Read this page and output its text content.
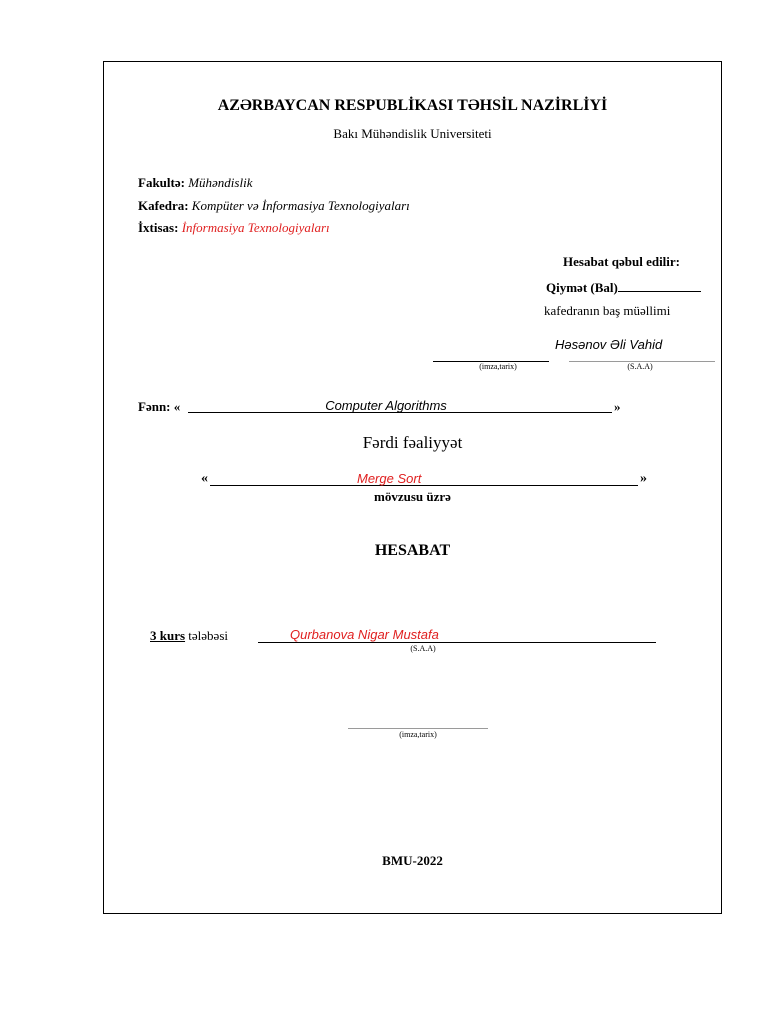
AZƏRBAYCAN RESPUBLİKASI TƏHSİL NAZİRLİYİ
Bakı Mühəndislik Universiteti
Fakultə: Mühəndislik
Kafedra: Kompüter və İnformasiya Texnologiyaları
İxtisas: İnformasiya Texnologiyaları
Hesabat qəbul edilir:
Qiymət (Bal)
kafedranın baş müəllimi
Həsənov Əli Vahid
(imza,tarix)	(S.A.A)
Fənn: «	Computer Algorithms	»
Fərdi fəaliyyət
«	Merge Sort	»
mövzusu üzrə
HESABAT
3 kurs tələbəsi	Qurbanova Nigar Mustafa
(S.A.A)
(imza,tarix)
BMU-2022
